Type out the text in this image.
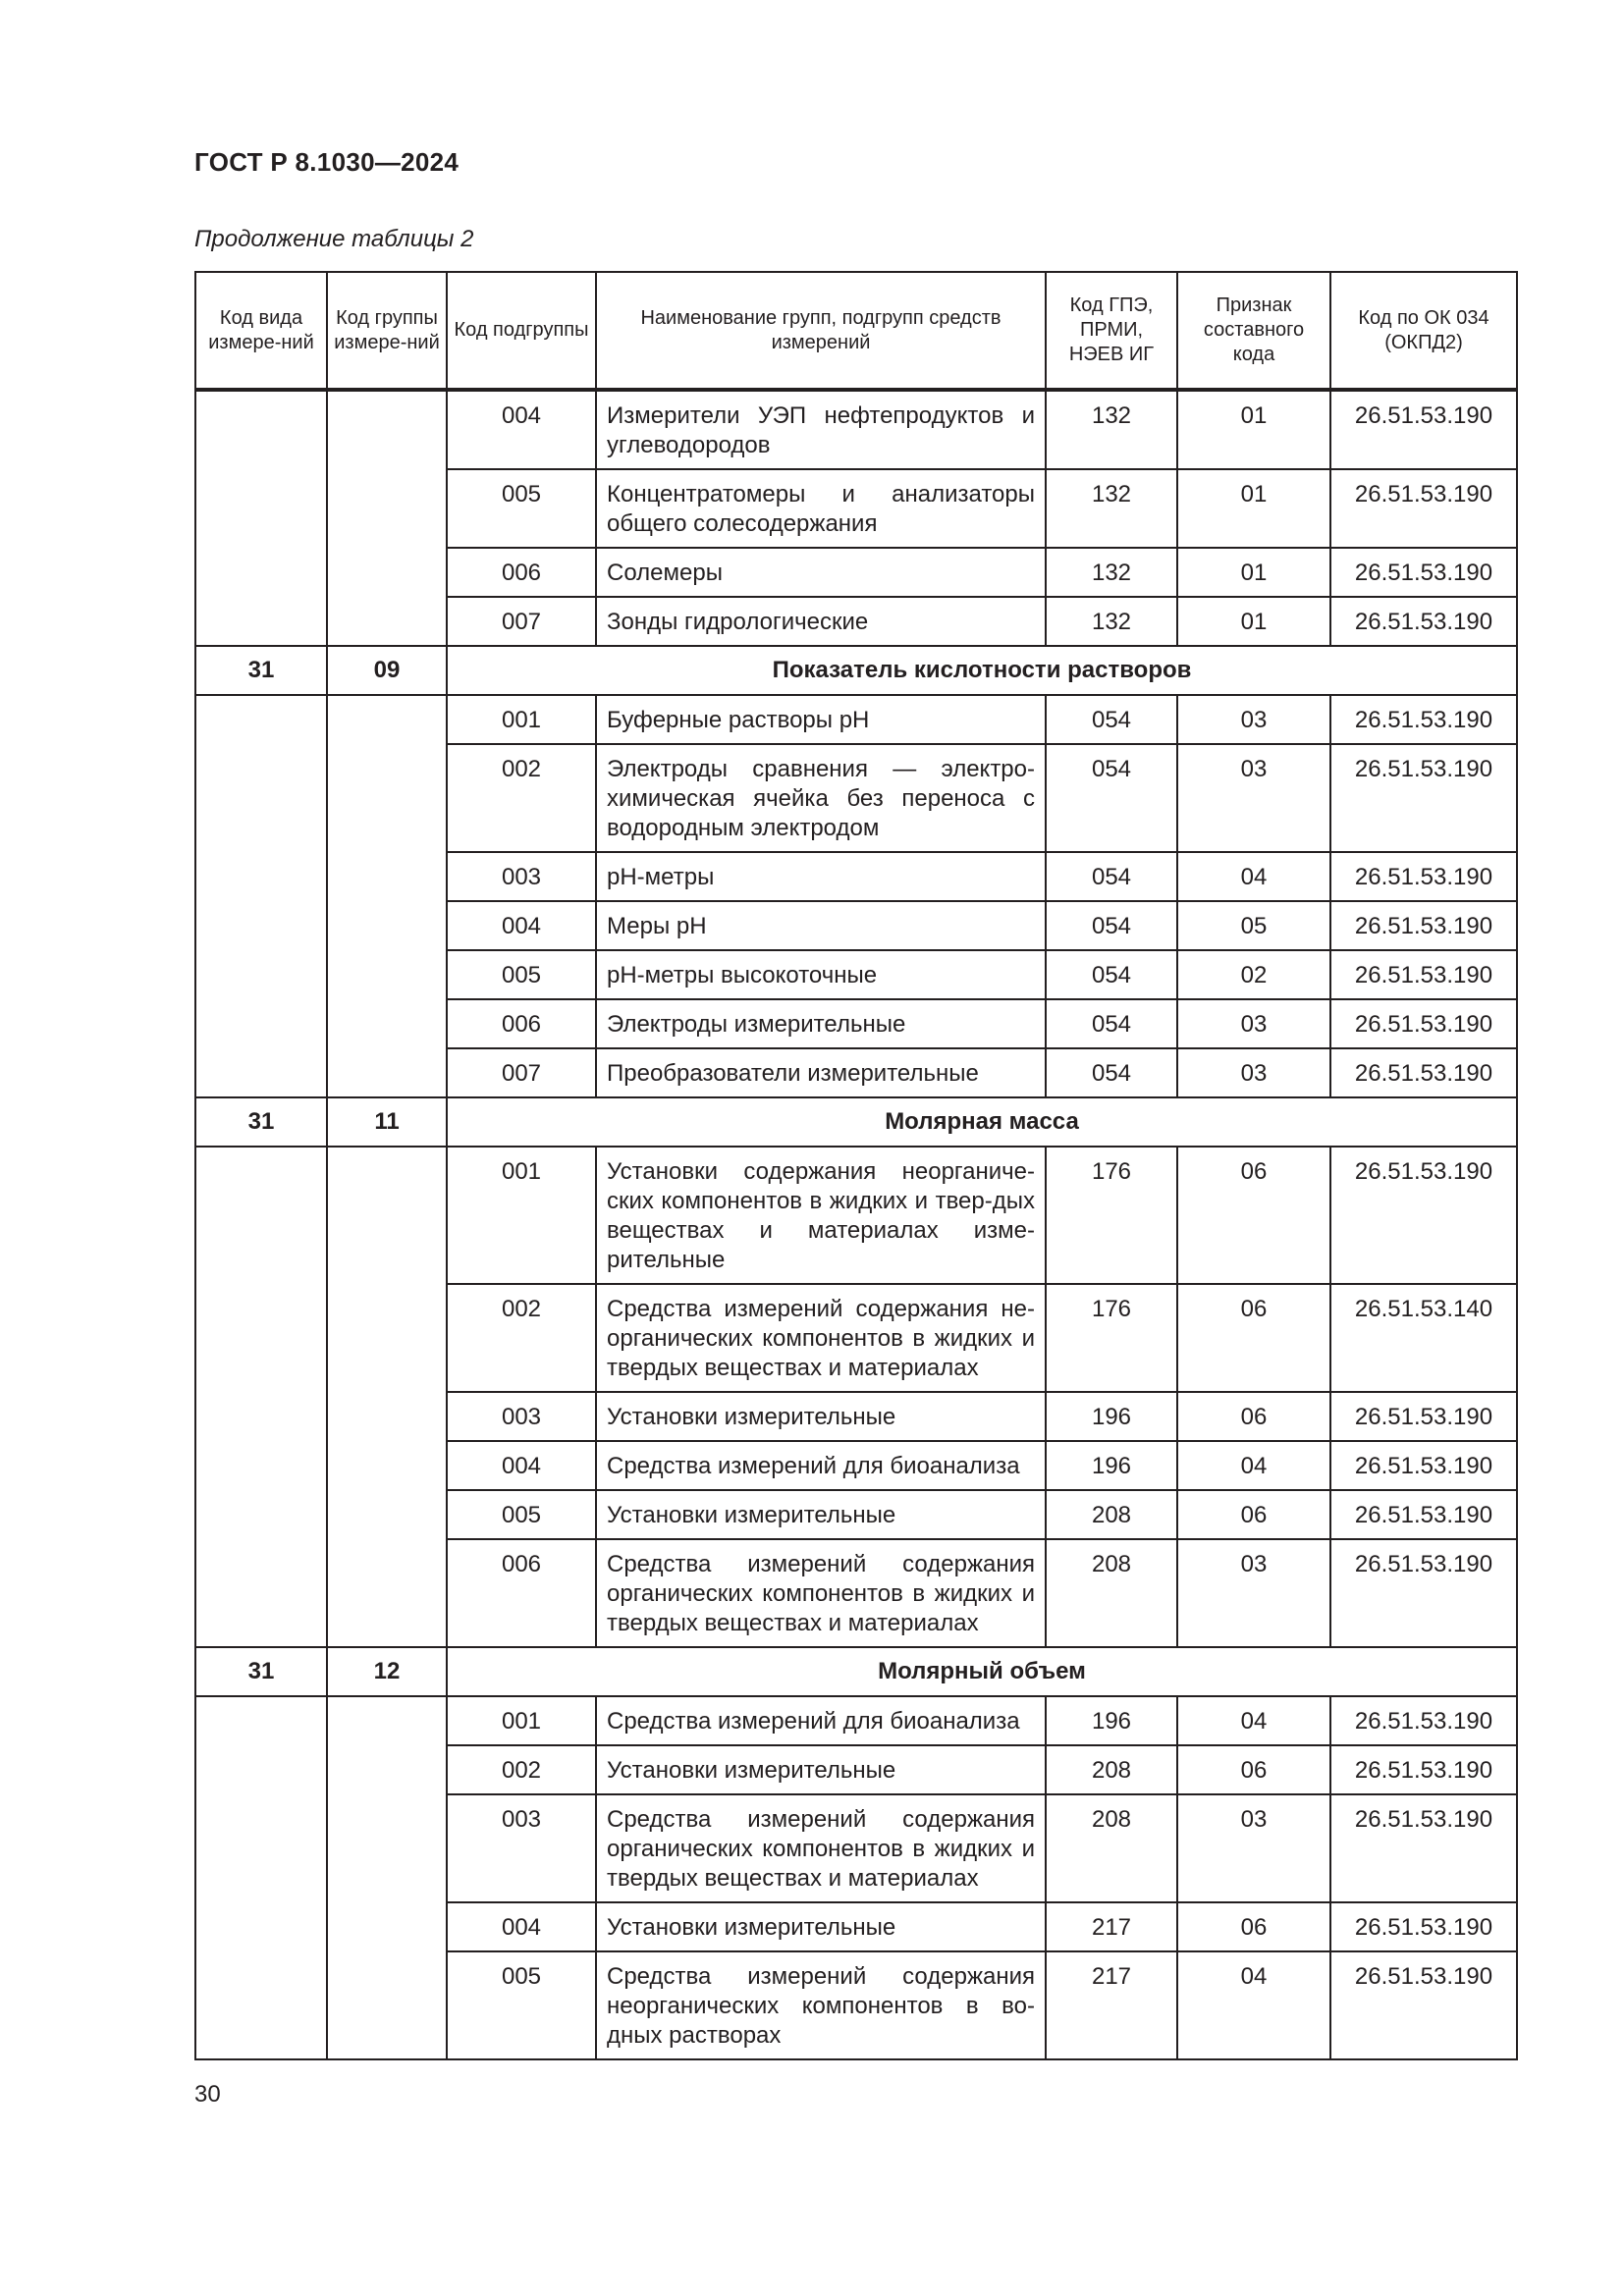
ГОСТ Р 8.1030—2024
Продолжение таблицы 2
Код вида измере-ний	Код группы измере-ний	Код подгруппы	Наименование групп, подгрупп средств измерений	Код ГПЭ, ПРМИ, НЭЕВ ИГ	Признак составного кода	Код по ОК 034 (ОКПД2)
		004	Измерители УЭП нефтепродуктов и углеводородов	132	01	26.51.53.190
		005	Концентратомеры и анализаторы общего солесодержания	132	01	26.51.53.190
		006	Солемеры	132	01	26.51.53.190
		007	Зонды гидрологические	132	01	26.51.53.190
31	09	Показатель кислотности растворов				
		001	Буферные растворы pH	054	03	26.51.53.190
		002	Электроды сравнения — электро-химическая ячейка без переноса с водородным электродом	054	03	26.51.53.190
		003	pH-метры	054	04	26.51.53.190
		004	Меры pH	054	05	26.51.53.190
		005	pH-метры высокоточные	054	02	26.51.53.190
		006	Электроды измерительные	054	03	26.51.53.190
		007	Преобразователи измерительные	054	03	26.51.53.190
31	11	Молярная масса				
		001	Установки содержания неорганиче-ских компонентов в жидких и твер-дых веществах и материалах изме-рительные	176	06	26.51.53.190
		002	Средства измерений содержания не-органических компонентов в жидких и твердых веществах и материалах	176	06	26.51.53.140
		003	Установки измерительные	196	06	26.51.53.190
		004	Средства измерений для биоанализа	196	04	26.51.53.190
		005	Установки измерительные	208	06	26.51.53.190
		006	Средства измерений содержания органических компонентов в жидких и твердых веществах и материалах	208	03	26.51.53.190
31	12	Молярный объем				
		001	Средства измерений для биоанализа	196	04	26.51.53.190
		002	Установки измерительные	208	06	26.51.53.190
		003	Средства измерений содержания органических компонентов в жидких и твердых веществах и материалах	208	03	26.51.53.190
		004	Установки измерительные	217	06	26.51.53.190
		005	Средства измерений содержания неорганических компонентов в во-дных растворах	217	04	26.51.53.190
30
